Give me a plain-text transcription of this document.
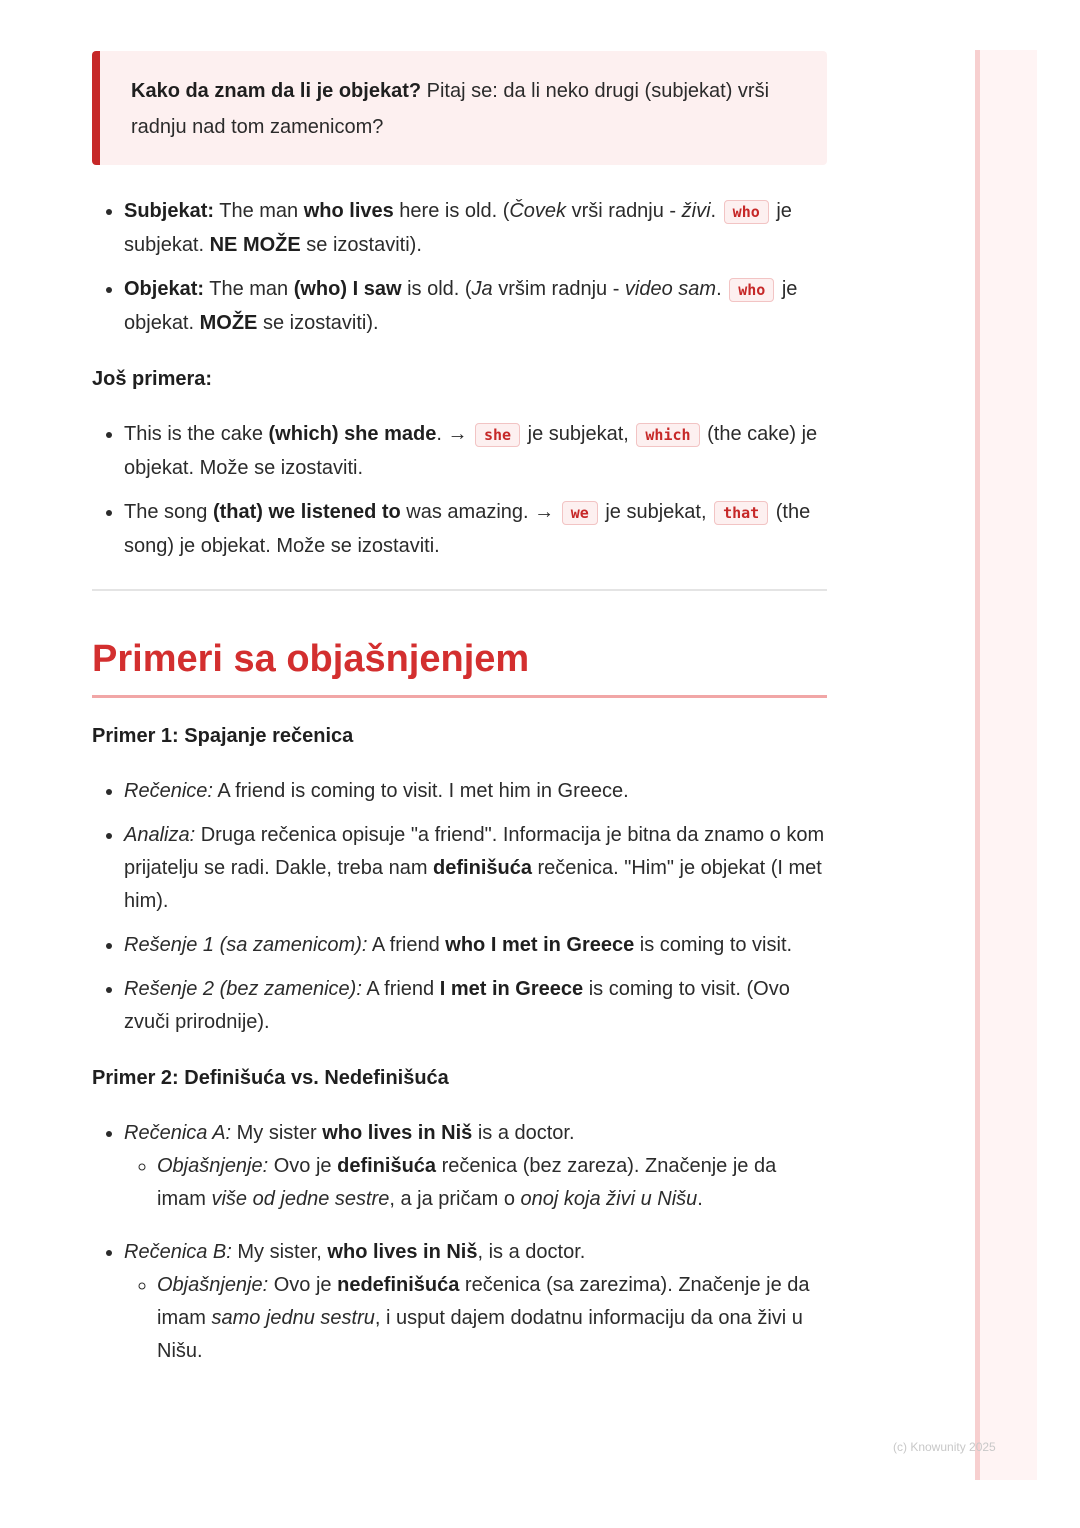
Kako da znam da li je objekat? Pitaj se: da li neko drugi (subjekat) vrši radnju nad tom zamenicom?
• Subjekat: The man who lives here is old. (Čovek vrši radnju - živi. who je subjekat. NE MOŽE se izostaviti).
• Objekat: The man (who) I saw is old. (Ja vršim radnju - video sam. who je objekat. MOŽE se izostaviti).

Još primera:

• This is the cake (which) she made. → she je subjekat, which (the cake) je objekat. Može se izostaviti.
• The song (that) we listened to was amazing. → we je subjekat, that (the song) je objekat. Može se izostaviti.
Primeri sa objašnjenjem

Primer 1: Spajanje rečenica

• Rečenice: A friend is coming to visit. I met him in Greece.
• Analiza: Druga rečenica opisuje "a friend". Informacija je bitna da znamo o kom prijatelju se radi. Dakle, treba nam definišuća rečenica. "Him" je objekat (I met him).
• Rešenje 1 (sa zamenicom): A friend who I met in Greece is coming to visit.
• Rešenje 2 (bez zamenice): A friend I met in Greece is coming to visit. (Ovo zvuči prirodnije).

Primer 2: Definišuća vs. Nedefinišuća

• Rečenica A: My sister who lives in Niš is a doctor.
◦ Objašnjenje: Ovo je definišuća rečenica (bez zareza). Značenje je da imam više od jedne sestre, a ja pričam o onoj koja živi u Nišu.
• Rečenica B: My sister, who lives in Niš, is a doctor.
◦ Objašnjenje: Ovo je nedefinišuća rečenica (sa zarezima). Značenje je da imam samo jednu sestru, i usput dajem dodatnu informaciju da ona živi u Nišu.
(c) Knowunity 2025
